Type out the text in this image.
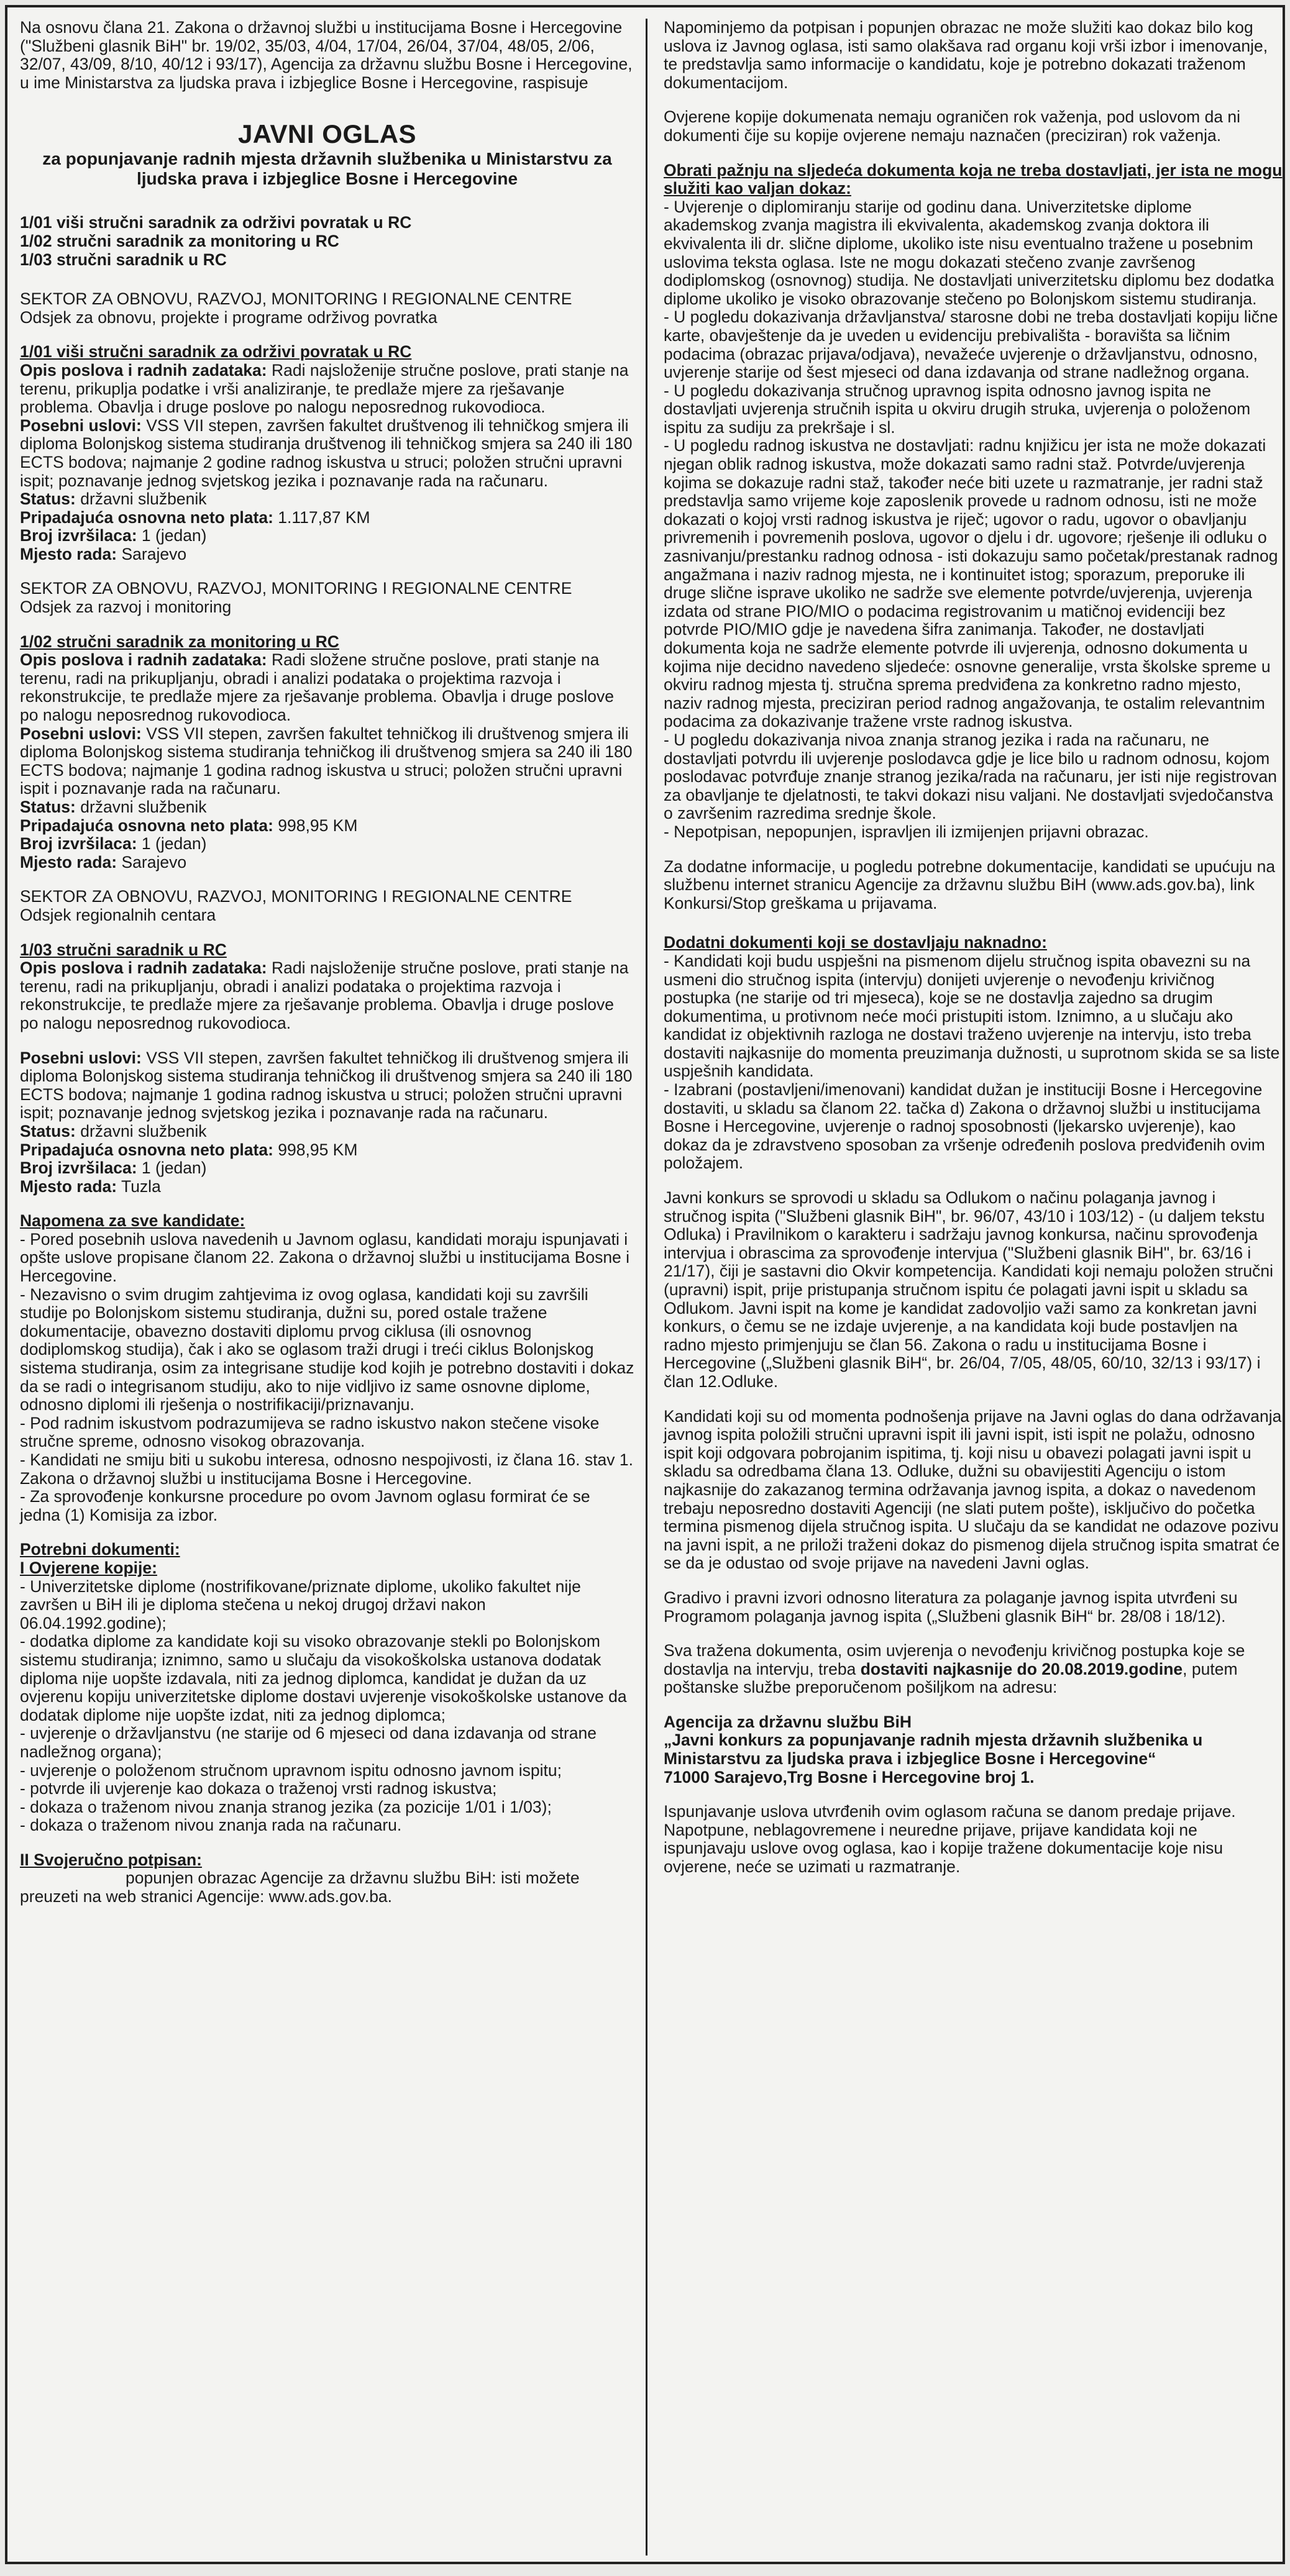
Na osnovu člana 21. Zakona o državnoj službi u institucijama Bosne i Hercegovine ("Službeni glasnik BiH" br. 19/02, 35/03, 4/04, 17/04, 26/04, 37/04, 48/05, 2/06, 32/07, 43/09, 8/10, 40/12 i 93/17), Agencija za državnu službu Bosne i Hercegovine, u ime Ministarstva za ljudska prava i izbjeglice Bosne i Hercegovine, raspisuje

JAVNI OGLAS
za popunjavanje radnih mjesta državnih službenika u Ministarstvu za ljudska prava i izbjeglice Bosne i Hercegovine
1/01 viši stručni saradnik za održivi povratak u RC
1/02 stručni saradnik za monitoring u RC
1/03 stručni saradnik u RC
SEKTOR ZA OBNOVU, RAZVOJ, MONITORING I REGIONALNE CENTRE
Odsjek za obnovu, projekte i programe održivog povratka
1/01 viši stručni saradnik za održivi povratak u RC
Opis poslova i radnih zadataka: Radi najsloženije stručne poslove, prati stanje na terenu, prikuplja podatke i vrši analiziranje, te predlaže mjere za rješavanje problema. Obavlja i druge poslove po nalogu neposrednog rukovodioca.
Posebni uslovi: VSS VII stepen, završen fakultet društvenog ili tehničkog smjera ili diploma Bolonjskog sistema studiranja društvenog ili tehničkog smjera sa 240 ili 180 ECTS bodova; najmanje 2 godine radnog iskustva u struci; položen stručni upravni ispit; poznavanje jednog svjetskog jezika i poznavanje rada na računaru.
Status: državni službenik
Pripadajuća osnovna neto plata: 1.117,87 KM
Broj izvršilaca: 1 (jedan)
Mjesto rada: Sarajevo
SEKTOR ZA OBNOVU, RAZVOJ, MONITORING I REGIONALNE CENTRE
Odsjek za razvoj i monitoring
1/02 stručni saradnik za monitoring u RC
Opis poslova i radnih zadataka: Radi složene stručne poslove, prati stanje na terenu, radi na prikupljanju, obradi i analizi podataka o projektima razvoja i rekonstrukcije, te predlaže mjere za rješavanje problema. Obavlja i druge poslove po nalogu neposrednog rukovodioca.
Posebni uslovi: VSS VII stepen, završen fakultet tehničkog ili društvenog smjera ili diploma Bolonjskog sistema studiranja tehničkog ili društvenog smjera sa 240 ili 180 ECTS bodova; najmanje 1 godina radnog iskustva u struci; položen stručni upravni ispit i poznavanje rada na računaru.
Status: državni službenik
Pripadajuća osnovna neto plata: 998,95 KM
Broj izvršilaca: 1 (jedan)
Mjesto rada: Sarajevo
SEKTOR ZA OBNOVU, RAZVOJ, MONITORING I REGIONALNE CENTRE
Odsjek regionalnih centara
1/03 stručni saradnik u RC
Opis poslova i radnih zadataka: Radi najsloženije stručne poslove, prati stanje na terenu, radi na prikupljanju, obradi i analizi podataka o projektima razvoja i rekonstrukcije, te predlaže mjere za rješavanje problema. Obavlja i druge poslove po nalogu neposrednog rukovodioca.
Posebni uslovi: VSS VII stepen, završen fakultet tehničkog ili društvenog smjera ili diploma Bolonjskog sistema studiranja tehničkog ili društvenog smjera sa 240 ili 180 ECTS bodova; najmanje 1 godina radnog iskustva u struci; položen stručni upravni ispit; poznavanje jednog svjetskog jezika i poznavanje rada na računaru.
Status: državni službenik
Pripadajuća osnovna neto plata: 998,95 KM
Broj izvršilaca: 1 (jedan)
Mjesto rada: Tuzla
Napomena za sve kandidate:
- Pored posebnih uslova navedenih u Javnom oglasu, kandidati moraju ispunjavati i opšte uslove propisane članom 22. Zakona o državnoj službi u institucijama Bosne i Hercegovine.
- Nezavisno o svim drugim zahtjevima iz ovog oglasa, kandidati koji su završili studije po Bolonjskom sistemu studiranja, dužni su, pored ostale tražene dokumentacije, obavezno dostaviti diplomu prvog ciklusa (ili osnovnog dodiplomskog studija), čak i ako se oglasom traži drugi i treći ciklus Bolonjskog sistema studiranja, osim za integrisane studije kod kojih je potrebno dostaviti i dokaz da se radi o integrisanom studiju, ako to nije vidljivo iz same osnovne diplome, odnosno diplomi ili rješenja o nostrifikaciji/priznavanju.
- Pod radnim iskustvom podrazumijeva se radno iskustvo nakon stečene visoke stručne spreme, odnosno visokog obrazovanja.
- Kandidati ne smiju biti u sukobu interesa, odnosno nespojivosti, iz člana 16. stav 1. Zakona o državnoj službi u institucijama Bosne i Hercegovine.
- Za sprovođenje konkursne procedure po ovom Javnom oglasu formirat će se jedna (1) Komisija za izbor.
Potrebni dokumenti:
I Ovjerene kopije:
- Univerzitetske diplome (nostrifikovane/priznate diplome, ukoliko fakultet nije završen u BiH ili je diploma stečena u nekoj drugoj državi nakon 06.04.1992.godine);
- dodatka diplome za kandidate koji su visoko obrazovanje stekli po Bolonjskom sistemu studiranja; iznimno, samo u slučaju da visokoškolska ustanova dodatak diploma nije uopšte izdavala, niti za jednog diplomca, kandidat je dužan da uz ovjerenu kopiju univerzitetske diplome dostavi uvjerenje visokoškolske ustanove da dodatak diplome nije uopšte izdat, niti za jednog diplomca;
- uvjerenje o državljanstvu (ne starije od 6 mjeseci od dana izdavanja od strane nadležnog organa);
- uvjerenje o položenom stručnom upravnom ispitu odnosno javnom ispitu;
- potvrde ili uvjerenje kao dokaza o traženoj vrsti radnog iskustva;
- dokaza o traženom nivou znanja stranog jezika (za pozicije 1/01 i 1/03);
- dokaza o traženom nivou znanja rada na računaru.
II Svojeručno potpisan:
popunjen obrazac Agencije za državnu službu BiH: isti možete preuzeti na web stranici Agencije: www.ads.gov.ba.

Napominjemo da potpisan i popunjen obrazac ne može služiti kao dokaz bilo kog uslova iz Javnog oglasa, isti samo olakšava rad organu koji vrši izbor i imenovanje, te predstavlja samo informacije o kandidatu, koje je potrebno dokazati traženom dokumentacijom.

Ovjerene kopije dokumenata nemaju ograničen rok važenja, pod uslovom da ni dokumenti čije su kopije ovjerene nemaju naznačen (preciziran) rok važenja.

Obrati pažnju na sljedeća dokumenta koja ne treba dostavljati, jer ista ne mogu služiti kao valjan dokaz:
- Uvjerenje o diplomiranju starije od godinu dana. Univerzitetske diplome akademskog zvanja magistra ili ekvivalenta, akademskog zvanja doktora ili ekvivalenta ili dr. slične diplome, ukoliko iste nisu eventualno tražene u posebnim uslovima teksta oglasa. Iste ne mogu dokazati stečeno zvanje završenog dodiplomskog (osnovnog) studija. Ne dostavljati univerzitetsku diplomu bez dodatka diplome ukoliko je visoko obrazovanje stečeno po Bolonjskom sistemu studiranja.
- U pogledu dokazivanja državljanstva/ starosne dobi ne treba dostavljati kopiju lične karte, obavještenje da je uveden u evidenciju prebivališta - boravišta sa ličnim podacima (obrazac prijava/odjava), nevažeće uvjerenje o državljanstvu, odnosno, uvjerenje starije od šest mjeseci od dana izdavanja od strane nadležnog organa.
- U pogledu dokazivanja stručnog upravnog ispita odnosno javnog ispita ne dostavljati uvjerenja stručnih ispita u okviru drugih struka, uvjerenja o položenom ispitu za sudiju za prekršaje i sl.
- U pogledu radnog iskustva ne dostavljati: radnu knjižicu jer ista ne može dokazati njegan oblik radnog iskustva, može dokazati samo radni staž. Potvrde/uvjerenja kojima se dokazuje radni staž, također neće biti uzete u razmatranje, jer radni staž predstavlja samo vrijeme koje zaposlenik provede u radnom odnosu, isti ne može dokazati o kojoj vrsti radnog iskustva je riječ; ugovor o radu, ugovor o obavljanju privremenih i povremenih poslova, ugovor o djelu i dr. ugovore; rješenje ili odluku o zasnivanju/prestanku radnog odnosa - isti dokazuju samo početak/prestanak radnog angažmana i naziv radnog mjesta, ne i kontinuitet istog; sporazum, preporuke ili druge slične isprave ukoliko ne sadrže sve elemente potvrde/uvjerenja, uvjerenja izdata od strane PIO/MIO o podacima registrovanim u matičnoj evidenciji bez potvrde PIO/MIO gdje je navedena šifra zanimanja. Također, ne dostavljati dokumenta koja ne sadrže elemente potvrde ili uvjerenja, odnosno dokumenta u kojima nije decidno navedeno sljedeće: osnovne generalije, vrsta školske spreme u okviru radnog mjesta tj. stručna sprema predviđena za konkretno radno mjesto, naziv radnog mjesta, preciziran period radnog angažovanja, te ostalim relevantnim podacima za dokazivanje tražene vrste radnog iskustva.
- U pogledu dokazivanja nivoa znanja stranog jezika i rada na računaru, ne dostavljati potvrdu ili uvjerenje poslodavca gdje je lice bilo u radnom odnosu, kojom poslodavac potvrđuje znanje stranog jezika/rada na računaru, jer isti nije registrovan za obavljanje te djelatnosti, te takvi dokazi nisu valjani. Ne dostavljati svjedočanstva o završenim razredima srednje škole.
- Nepotpisan, nepopunjen, ispravljen ili izmijenjen prijavni obrazac.

Za dodatne informacije, u pogledu potrebne dokumentacije, kandidati se upućuju na službenu internet stranicu Agencije za državnu službu BiH (www.ads.gov.ba), link Konkursi/Stop greškama u prijavama.

Dodatni dokumenti koji se dostavljaju naknadno:
- Kandidati koji budu uspješni na pismenom dijelu stručnog ispita obavezni su na usmeni dio stručnog ispita (intervju) donijeti uvjerenje o nevođenju krivičnog postupka (ne starije od tri mjeseca), koje se ne dostavlja zajedno sa drugim dokumentima, u protivnom neće moći pristupiti istom. Iznimno, a u slučaju ako kandidat iz objektivnih razloga ne dostavi traženo uvjerenje na intervju, isto treba dostaviti najkasnije do momenta preuzimanja dužnosti, u suprotnom skida se sa liste uspješnih kandidata.
- Izabrani (postavljeni/imenovani) kandidat dužan je instituciji Bosne i Hercegovine dostaviti, u skladu sa članom 22. tačka d) Zakona o državnoj službi u institucijama Bosne i Hercegovine, uvjerenje o radnoj sposobnosti (ljekarsko uvjerenje), kao dokaz da je zdravstveno sposoban za vršenje određenih poslova predviđenih ovim položajem.

Javni konkurs se sprovodi u skladu sa Odlukom o načinu polaganja javnog i stručnog ispita ("Službeni glasnik BiH", br. 96/07, 43/10 i 103/12) - (u daljem tekstu Odluka) i Pravilnikom o karakteru i sadržaju javnog konkursa, načinu sprovođenja intervjua i obrascima za sprovođenje intervjua ("Službeni glasnik BiH", br. 63/16 i 21/17), čiji je sastavni dio Okvir kompetencija. Kandidati koji nemaju položen stručni (upravni) ispit, prije pristupanja stručnom ispitu će polagati javni ispit u skladu sa Odlukom. Javni ispit na kome je kandidat zadovoljio važi samo za konkretan javni konkurs, o čemu se ne izdaje uvjerenje, a na kandidata koji bude postavljen na radno mjesto primjenjuju se član 56. Zakona o radu u institucijama Bosne i Hercegovine („Službeni glasnik BiH“, br. 26/04, 7/05, 48/05, 60/10, 32/13 i 93/17) i član 12.Odluke.

Kandidati koji su od momenta podnošenja prijave na Javni oglas do dana održavanja javnog ispita položili stručni upravni ispit ili javni ispit, isti ispit ne polažu, odnosno ispit koji odgovara pobrojanim ispitima, tj. koji nisu u obavezi polagati javni ispit u skladu sa odredbama člana 13. Odluke, dužni su obavijestiti Agenciju o istom najkasnije do zakazanog termina održavanja javnog ispita, a dokaz o navedenom trebaju neposredno dostaviti Agenciji (ne slati putem pošte), isključivo do početka termina pismenog dijela stručnog ispita. U slučaju da se kandidat ne odazove pozivu na javni ispit, a ne priloži traženi dokaz do pismenog dijela stručnog ispita smatrat će se da je odustao od svoje prijave na navedeni Javni oglas.

Gradivo i pravni izvori odnosno literatura za polaganje javnog ispita utvrđeni su Programom polaganja javnog ispita („Službeni glasnik BiH“ br. 28/08 i 18/12).

Sva tražena dokumenta, osim uvjerenja o nevođenju krivičnog postupka koje se dostavlja na intervju, treba dostaviti najkasnije do 20.08.2019.godine, putem poštanske službe preporučenom pošiljkom na adresu:

Agencija za državnu službu BiH
„Javni konkurs za popunjavanje radnih mjesta državnih službenika u Ministarstvu za ljudska prava i izbjeglice Bosne i Hercegovine“
71000 Sarajevo,Trg Bosne i Hercegovine broj 1.
Ispunjavanje uslova utvrđenih ovim oglasom računa se danom predaje prijave.
Napotpune, neblagovremene i neuredne prijave, prijave kandidata koji ne ispunjavaju uslove ovog oglasa, kao i kopije tražene dokumentacije koje nisu ovjerene, neće se uzimati u razmatranje.
